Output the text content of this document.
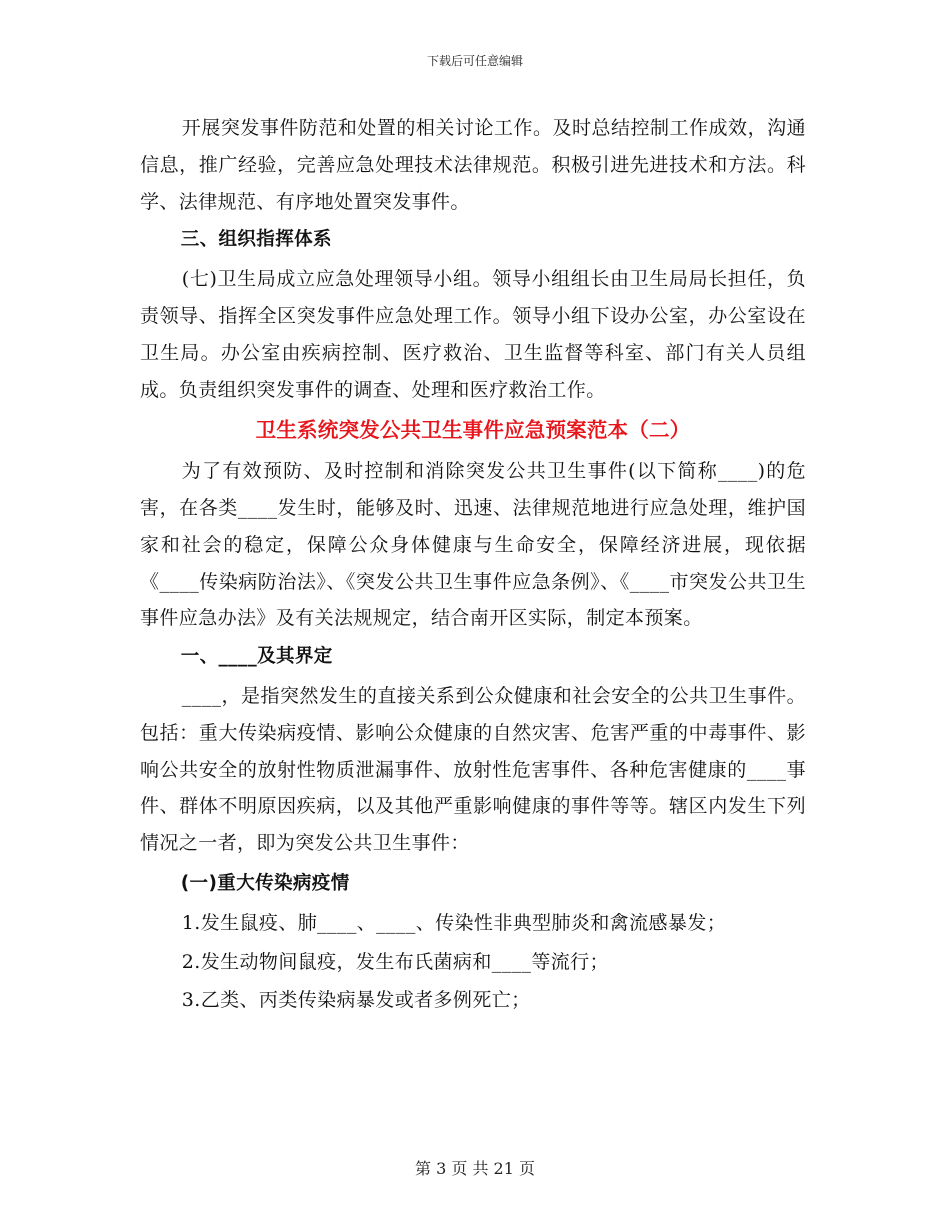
下载后可任意编辑

开展突发事件防范和处置的相关讨论工作。及时总结控制工作成效，沟通信息，推广经验，完善应急处理技术法律规范。积极引进先进技术和方法。科学、法律规范、有序地处置突发事件。

三、组织指挥体系

(七)卫生局成立应急处理领导小组。领导小组组长由卫生局局长担任，负责领导、指挥全区突发事件应急处理工作。领导小组下设办公室，办公室设在卫生局。办公室由疾病控制、医疗救治、卫生监督等科室、部门有关人员组成。负责组织突发事件的调查、处理和医疗救治工作。

卫生系统突发公共卫生事件应急预案范本（二）

为了有效预防、及时控制和消除突发公共卫生事件(以下简称____)的危害，在各类____发生时，能够及时、迅速、法律规范地进行应急处理，维护国家和社会的稳定，保障公众身体健康与生命安全，保障经济进展，现依据《____传染病防治法》、《突发公共卫生事件应急条例》、《____市突发公共卫生事件应急办法》及有关法规规定，结合南开区实际，制定本预案。

一、____及其界定

____，是指突然发生的直接关系到公众健康和社会安全的公共卫生事件。包括：重大传染病疫情、影响公众健康的自然灾害、危害严重的中毒事件、影响公共安全的放射性物质泄漏事件、放射性危害事件、各种危害健康的____事件、群体不明原因疾病，以及其他严重影响健康的事件等等。辖区内发生下列情况之一者，即为突发公共卫生事件：

(一)重大传染病疫情

1.发生鼠疫、肺____、____、传染性非典型肺炎和禽流感暴发；

2.发生动物间鼠疫，发生布氏菌病和____等流行；

3.乙类、丙类传染病暴发或者多例死亡；

第 3 页 共 21 页
